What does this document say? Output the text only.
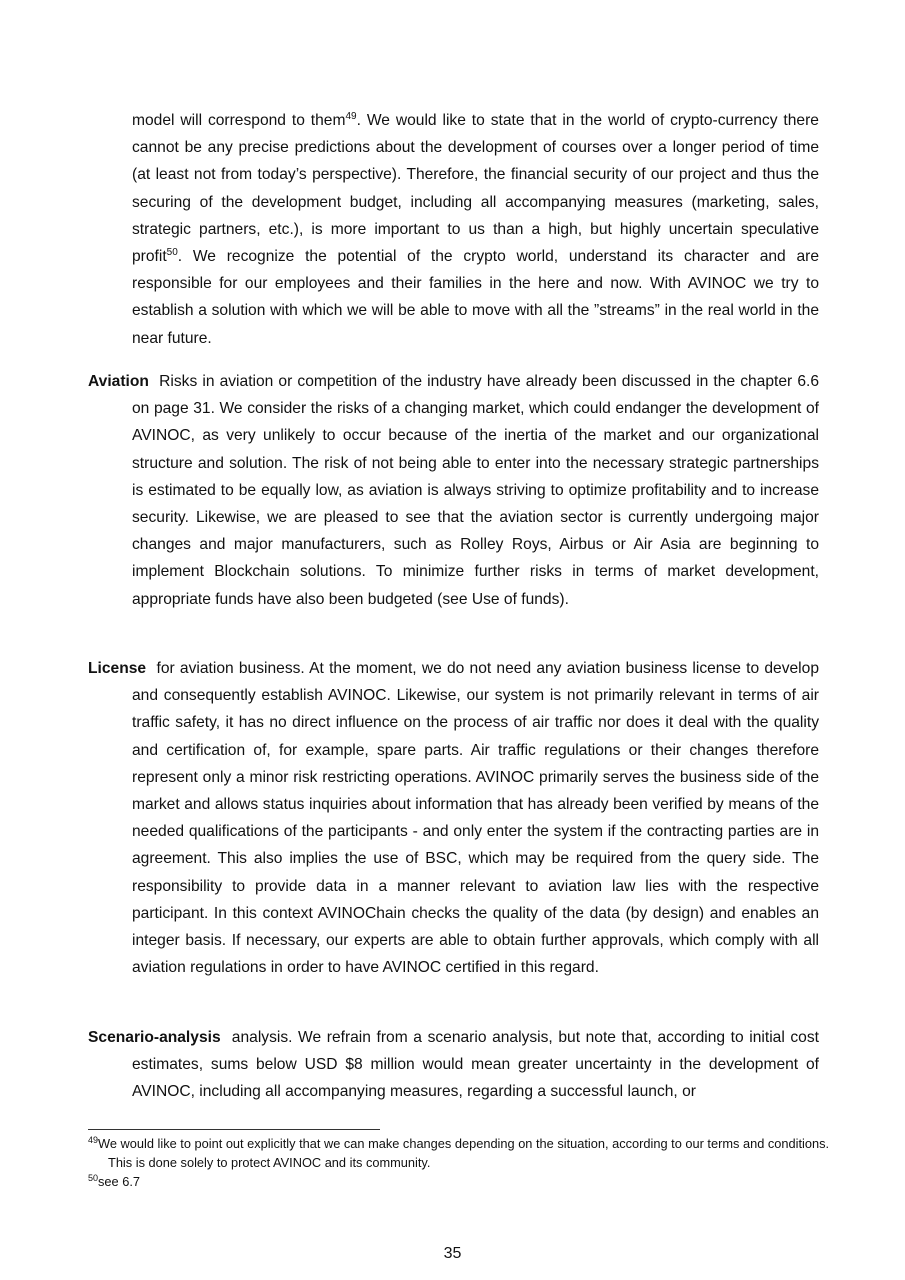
model will correspond to them$^{49}$. We would like to state that in the world of crypto-currency there cannot be any precise predictions about the development of courses over a longer period of time (at least not from today’s perspective). Therefore, the financial security of our project and thus the securing of the development budget, including all accompanying measures (marketing, sales, strategic partners, etc.), is more important to us than a high, but highly uncertain speculative profit$^{50}$. We recognize the potential of the crypto world, understand its character and are responsible for our employees and their families in the here and now. With AVINOC we try to establish a solution with which we will be able to move with all the ”streams” in the real world in the near future.

Aviation Risks in aviation or competition of the industry have already been discussed in the chapter 6.6 on page 31. We consider the risks of a changing market, which could endanger the development of AVINOC, as very unlikely to occur because of the inertia of the market and our organizational structure and solution. The risk of not being able to enter into the necessary strategic partnerships is estimated to be equally low, as aviation is always striving to optimize profitability and to increase security. Likewise, we are pleased to see that the aviation sector is currently undergoing major changes and major manufacturers, such as Rolley Roys, Airbus or Air Asia are beginning to implement Blockchain solutions. To minimize further risks in terms of market development, appropriate funds have also been budgeted (see Use of funds).

License for aviation business. At the moment, we do not need any aviation business license to develop and consequently establish AVINOC. Likewise, our system is not primarily relevant in terms of air traffic safety, it has no direct influence on the process of air traffic nor does it deal with the quality and certification of, for example, spare parts. Air traffic regulations or their changes therefore represent only a minor risk restricting operations. AVINOC primarily serves the business side of the market and allows status inquiries about information that has already been verified by means of the needed qualifications of the participants - and only enter the system if the contracting parties are in agreement. This also implies the use of BSC, which may be required from the query side. The responsibility to provide data in a manner relevant to aviation law lies with the respective participant. In this context AVINOChain checks the quality of the data (by design) and enables an integer basis. If necessary, our experts are able to obtain further approvals, which comply with all aviation regulations in order to have AVINOC certified in this regard.

Scenario-analysis analysis. We refrain from a scenario analysis, but note that, according to initial cost estimates, sums below USD $8 million would mean greater uncertainty in the development of AVINOC, including all accompanying measures, regarding a successful launch, or

$^{49}$We would like to point out explicitly that we can make changes depending on the situation, according to our terms and conditions. This is done solely to protect AVINOC and its community.

$^{50}$see 6.7

35
